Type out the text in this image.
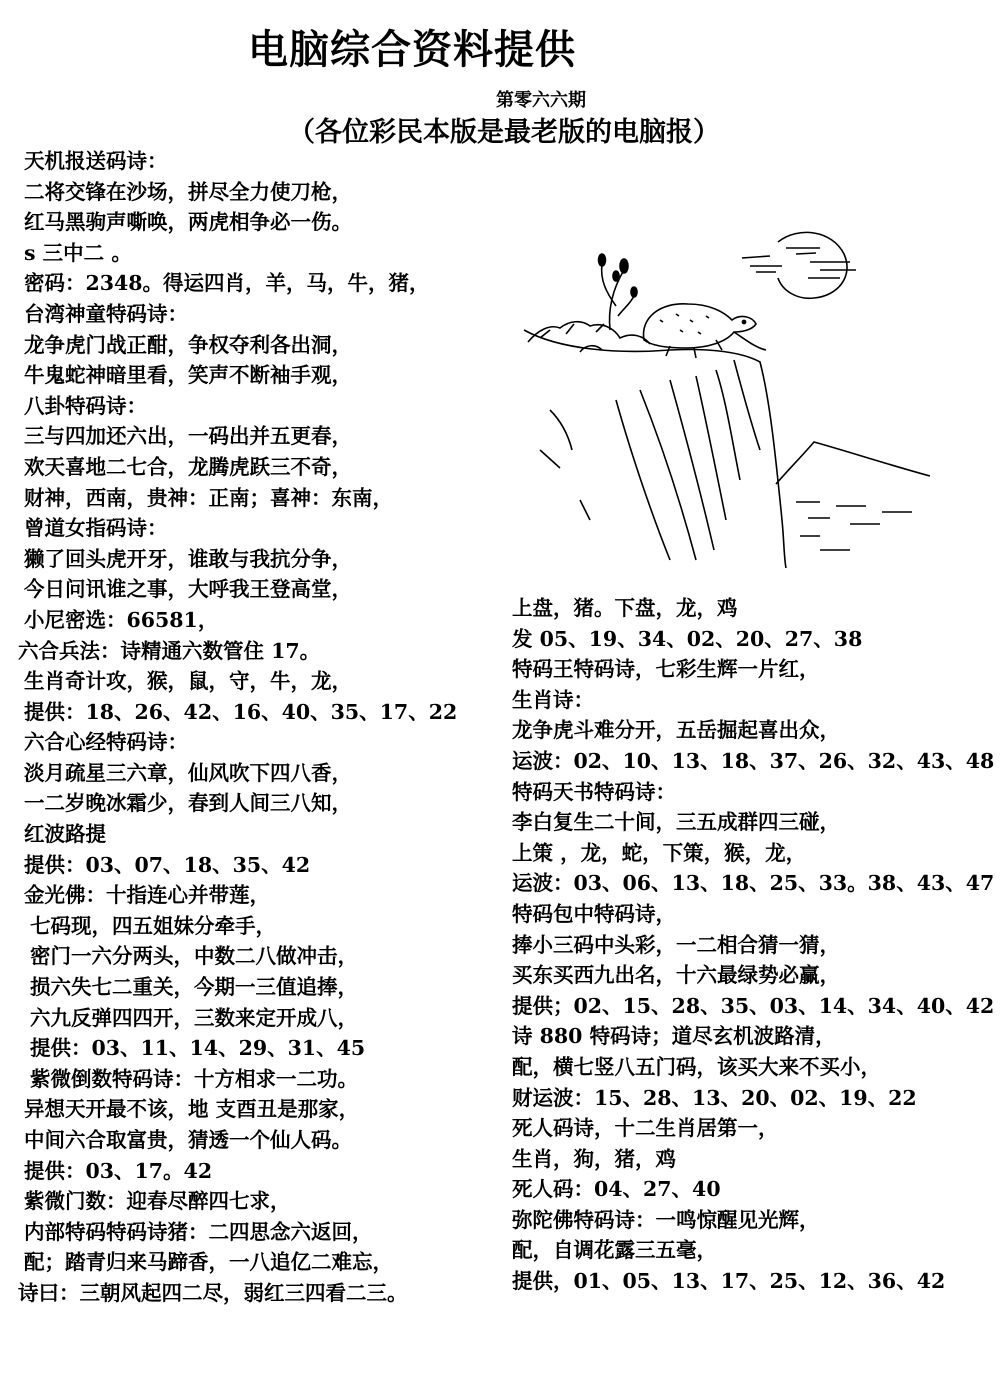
电脑综合资料提供
第零六六期
（各位彩民本版是最老版的电脑报）
天机报送码诗：
二将交锋在沙场，拼尽全力使刀枪，
红马黑驹声嘶唤，两虎相争必一伤。
s 三中二 。
密码：2348。得运四肖，羊，马，牛，猪，
台湾神童特码诗：
龙争虎门战正酣，争权夺利各出洞，
牛鬼蛇神暗里看，笑声不断袖手观，
八卦特码诗：
三与四加还六出，一码出并五更春，
欢天喜地二七合，龙腾虎跃三不奇，
财神，西南，贵神：正南；喜神：东南，
曾道女指码诗：
獭了回头虎开牙，谁敢与我抗分争，
今日问讯谁之事，大呼我王登高堂，
小尼密选：66581，
六合兵法：诗精通六数管住 17。
生肖奇计攻，猴，鼠，守，牛，龙，
提供：18、26、42、16、40、35、17、22
六合心经特码诗：
淡月疏星三六章，仙风吹下四八香，
一二岁晚冰霜少，春到人间三八知，
红波路提
提供：03、07、18、35、42
金光佛：十指连心并带莲，
七码现，四五姐妹分牵手，
密门一六分两头，中数二八做冲击，
损六失七二重关，今期一三值追捧，
六九反弹四四开，三数来定开成八，
提供：03、11、14、29、31、45
紫微倒数特码诗：十方相求一二功。
异想天开最不该，地 支酉丑是那家，
中间六合取富贵，猜透一个仙人码。
提供：03、17。42
紫微门数：迎春尽醉四七求，
内部特码特码诗猪：二四思念六返回，
配；踏青归来马蹄香，一八追亿二难忘，
诗曰：三朝风起四二尽，弱红三四看二三。
上盘，猪。下盘，龙，鸡
发 05、19、34、02、20、27、38
特码王特码诗，七彩生辉一片红，
生肖诗：
龙争虎斗难分开，五岳掘起喜出众，
运波：02、10、13、18、37、26、32、43、48
特码天书特码诗：
李白复生二十间，三五成群四三碰，
上策 ，龙，蛇，下策，猴，龙，
运波：03、06、13、18、25、33。38、43、47
特码包中特码诗，
捧小三码中头彩，一二相合猜一猜，
买东买西九出名，十六最绿势必赢，
提供；02、15、28、35、03、14、34、40、42
诗 880 特码诗；道尽玄机波路清，
配，横七竖八五门码，该买大来不买小，
财运波：15、28、13、20、02、19、22
死人码诗，十二生肖居第一，
生肖，狗，猪，鸡
死人码：04、27、40
弥陀佛特码诗：一鸣惊醒见光辉，
配，自调花露三五毫，
提供，01、05、13、17、25、12、36、42
